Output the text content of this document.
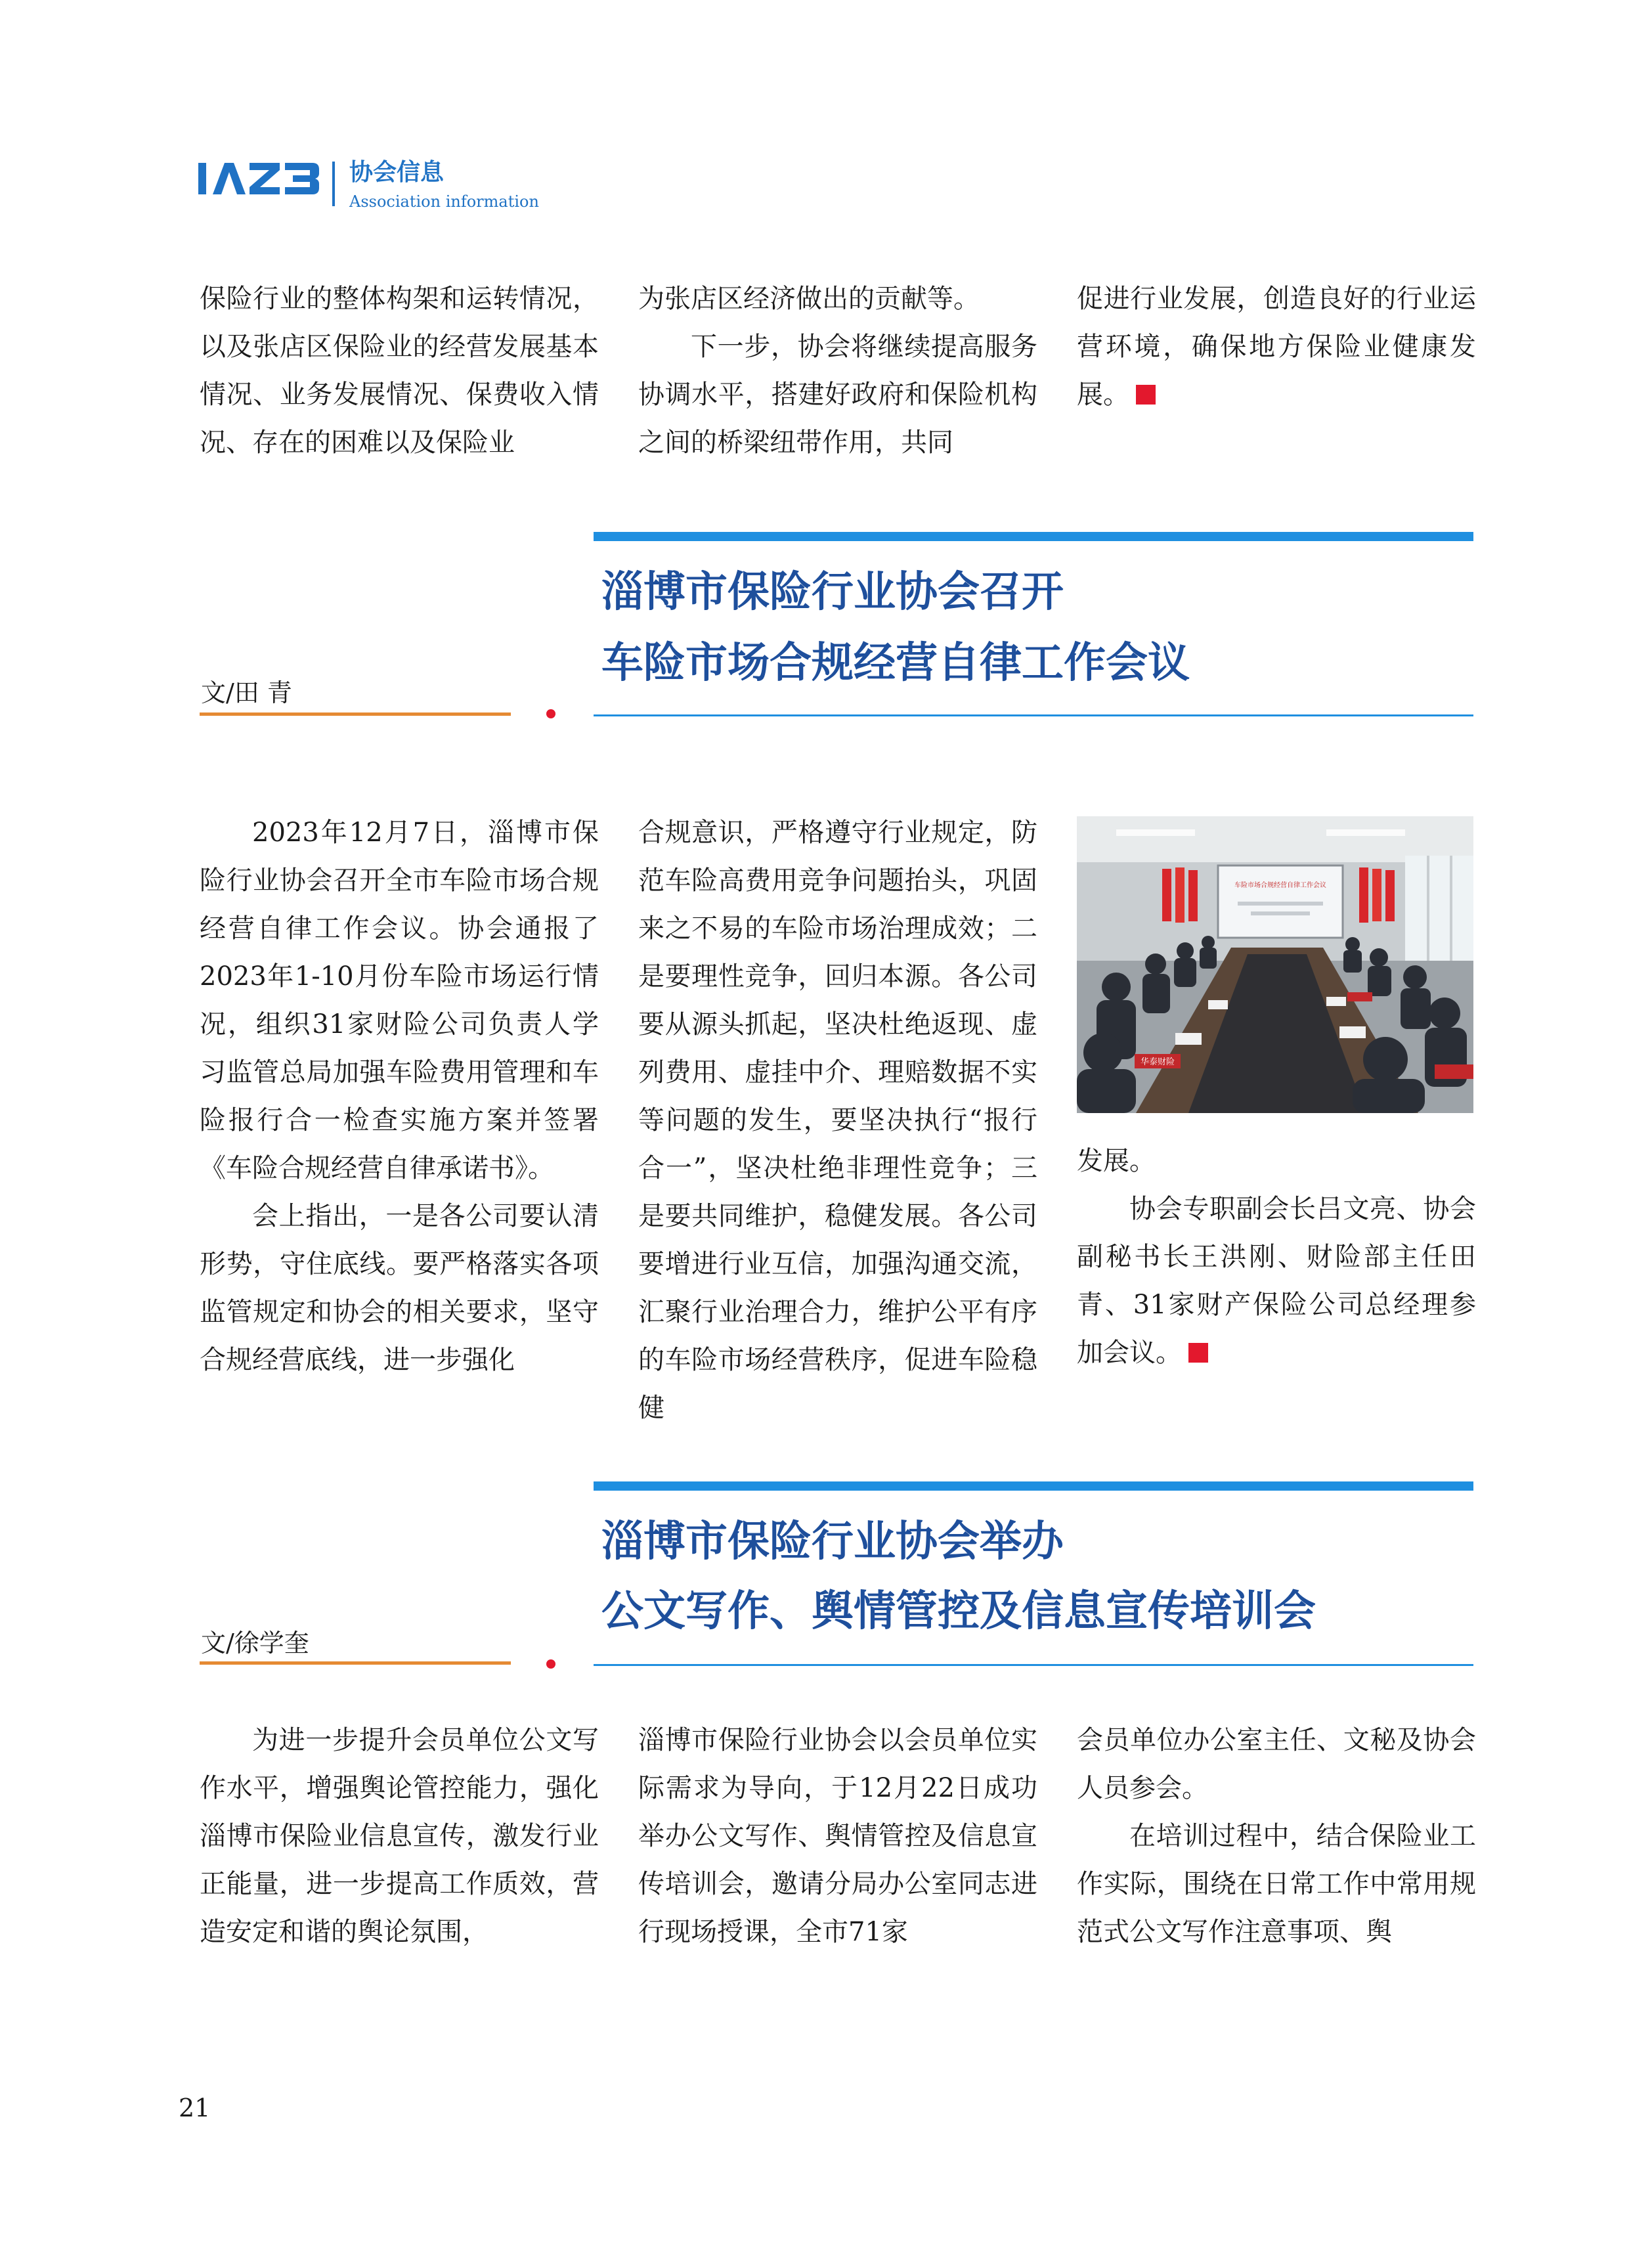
协会信息
Association information

保险行业的整体构架和运转情况，以及张店区保险业的经营发展基本情况、业务发展情况、保费收入情况、存在的困难以及保险业

为张店区经济做出的贡献等。

下一步，协会将继续提高服务协调水平，搭建好政府和保险机构之间的桥梁纽带作用，共同

促进行业发展，创造良好的行业运营环境，确保地方保险业健康发展。

淄博市保险行业协会召开
车险市场合规经营自律工作会议
文/田 青

2023年12月7日，淄博市保险行业协会召开全市车险市场合规经营自律工作会议。协会通报了2023年1-10月份车险市场运行情况，组织31家财险公司负责人学习监管总局加强车险费用管理和车险报行合一检查实施方案并签署《车险合规经营自律承诺书》。

会上指出，一是各公司要认清形势，守住底线。要严格落实各项监管规定和协会的相关要求，坚守合规经营底线，进一步强化

合规意识，严格遵守行业规定，防范车险高费用竞争问题抬头，巩固来之不易的车险市场治理成效；二是要理性竞争，回归本源。各公司要从源头抓起，坚决杜绝返现、虚列费用、虚挂中介、理赔数据不实等问题的发生，要坚决执行“报行合一”，坚决杜绝非理性竞争；三是要共同维护，稳健发展。各公司要增进行业互信，加强沟通交流，汇聚行业治理合力，维护公平有序的车险市场经营秩序，促进车险稳健

车险市场合规经营自律工作会议
华泰财险

发展。

协会专职副会长吕文亮、协会副秘书长王洪刚、财险部主任田青、31家财产保险公司总经理参加会议。

淄博市保险行业协会举办
公文写作、舆情管控及信息宣传培训会
文/徐学奎

为进一步提升会员单位公文写作水平，增强舆论管控能力，强化淄博市保险业信息宣传，激发行业正能量，进一步提高工作质效，营造安定和谐的舆论氛围，

淄博市保险行业协会以会员单位实际需求为导向，于12月22日成功举办公文写作、舆情管控及信息宣传培训会，邀请分局办公室同志进行现场授课，全市71家

会员单位办公室主任、文秘及协会人员参会。

在培训过程中，结合保险业工作实际，围绕在日常工作中常用规范式公文写作注意事项、舆

21
